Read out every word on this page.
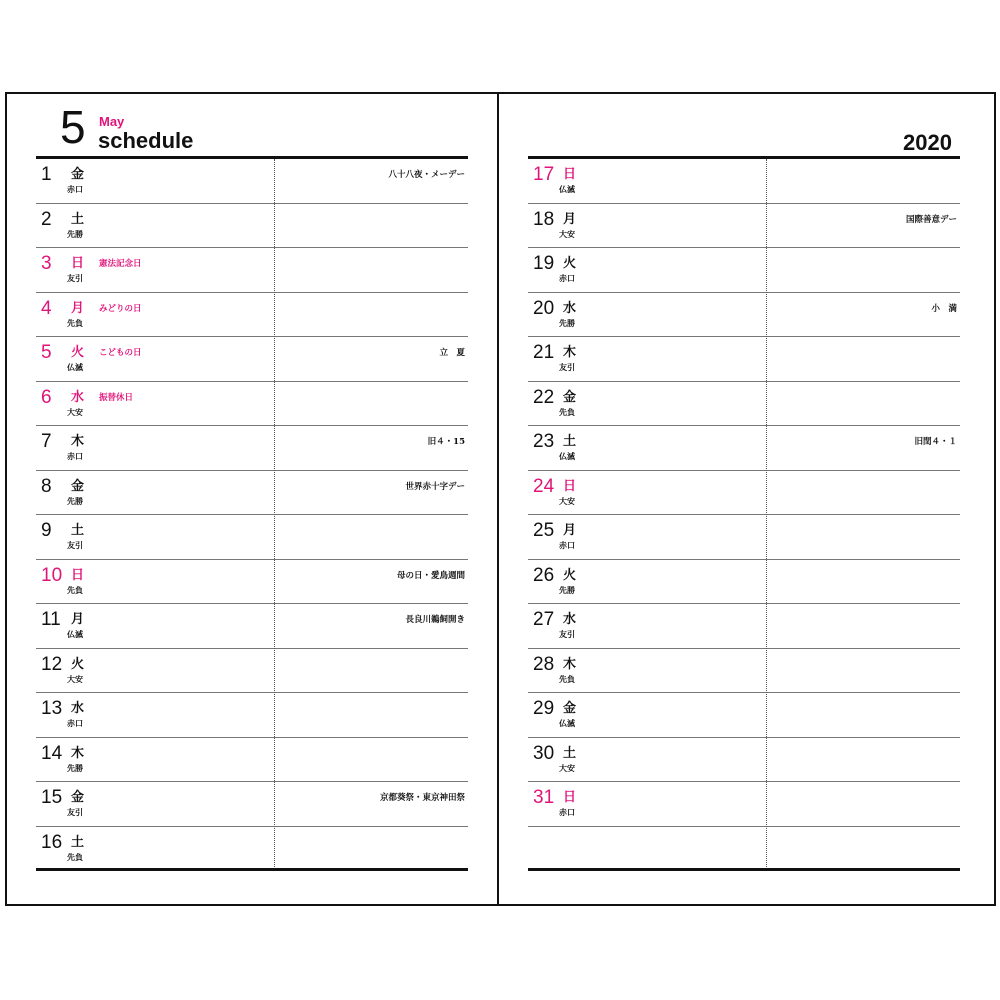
5 May
schedule
1 金
赤口
八十八夜・メーデー
2 土
先勝
3 日
友引
憲法記念日
4 月
先負
みどりの日
5 火
仏滅
こどもの日	立　夏
6 水
大安
振替休日
7 木
赤口
旧４・15
8 金
先勝
世界赤十字デー
9 土
友引
10 日
先負
母の日・愛鳥週間
11 月
仏滅
長良川鵜飼開き
12 火
大安
13 水
赤口
14 木
先勝
15 金
友引
京都葵祭・東京神田祭
16 土
先負
2020
17 日
仏滅
18 月
大安
国際善意デー
19 火
赤口
20 水
先勝
小　満
21 木
友引
22 金
先負
23 土
仏滅
旧閏４・１
24 日
大安
25 月
赤口
26 火
先勝
27 水
友引
28 木
先負
29 金
仏滅
30 土
大安
31 日
赤口
